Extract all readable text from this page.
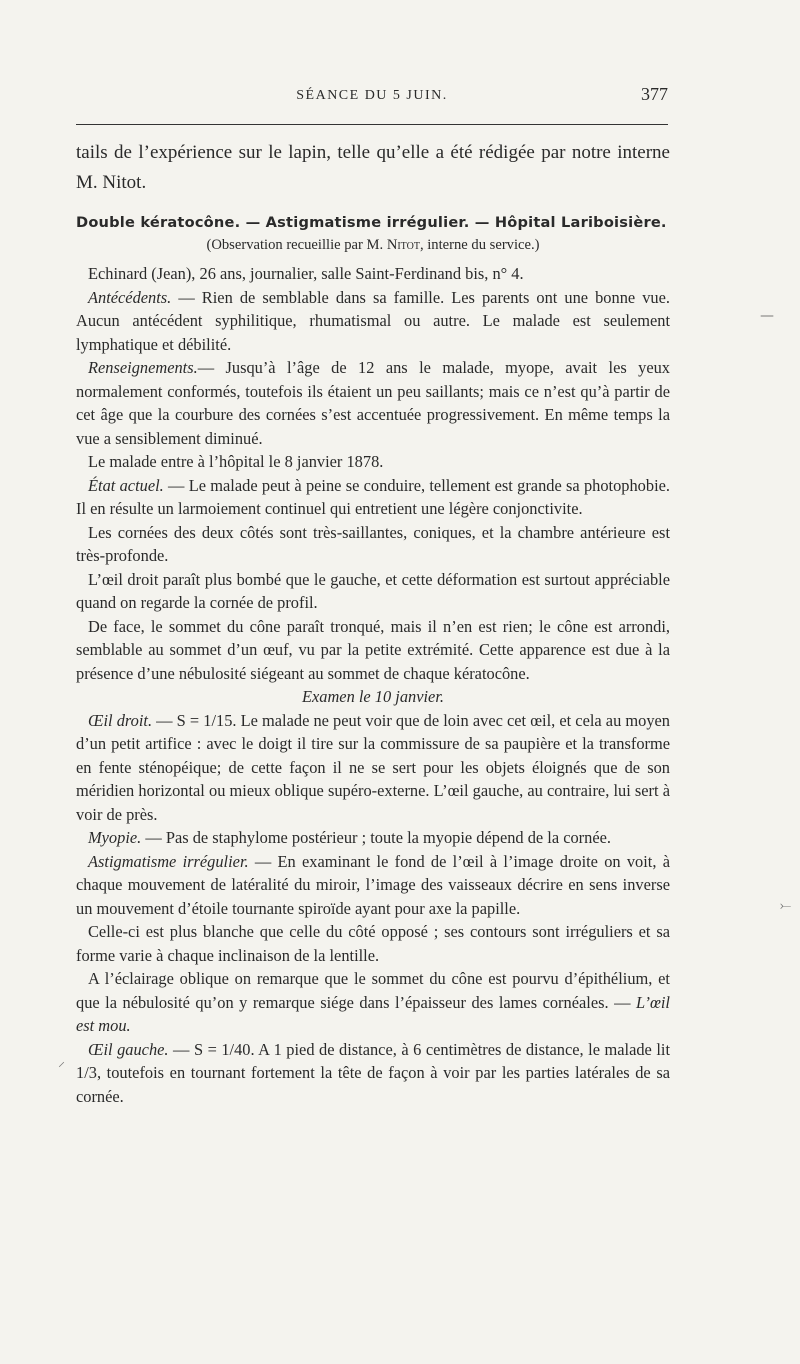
SÉANCE DU 5 JUIN.	377
—
⤚
⸝

tails de l’expérience sur le lapin, telle qu’elle a été rédigée par notre interne M. Nitot.

Double kératocône. — Astigmatisme irrégulier. — Hôpital Lariboisière.

(Observation recueillie par M. Nitot, interne du service.)

Echinard (Jean), 26 ans, journalier, salle Saint-Ferdinand bis, n° 4.

Antécédents. — Rien de semblable dans sa famille. Les parents ont une bonne vue. Aucun antécédent syphilitique, rhumatismal ou autre. Le malade est seulement lymphatique et débilité.

Renseignements.— Jusqu’à l’âge de 12 ans le malade, myope, avait les yeux normalement conformés, toutefois ils étaient un peu saillants; mais ce n’est qu’à partir de cet âge que la courbure des cornées s’est accentuée progressivement. En même temps la vue a sensiblement diminué.

Le malade entre à l’hôpital le 8 janvier 1878.

État actuel. — Le malade peut à peine se conduire, tellement est grande sa photophobie. Il en résulte un larmoiement continuel qui entretient une légère conjonctivite.

Les cornées des deux côtés sont très-saillantes, coniques, et la chambre antérieure est très-profonde.

L’œil droit paraît plus bombé que le gauche, et cette déformation est surtout appréciable quand on regarde la cornée de profil.

De face, le sommet du cône paraît tronqué, mais il n’en est rien; le cône est arrondi, semblable au sommet d’un œuf, vu par la petite extrémité. Cette apparence est due à la présence d’une nébulosité siégeant au sommet de chaque kératocône.

Examen le 10 janvier.

Œil droit. — S = 1/15. Le malade ne peut voir que de loin avec cet œil, et cela au moyen d’un petit artifice : avec le doigt il tire sur la commissure de sa paupière et la transforme en fente sténopéique; de cette façon il ne se sert pour les objets éloignés que de son méridien horizontal ou mieux oblique supéro-externe. L’œil gauche, au contraire, lui sert à voir de près.

Myopie. — Pas de staphylome postérieur ; toute la myopie dépend de la cornée.

Astigmatisme irrégulier. — En examinant le fond de l’œil à l’image droite on voit, à chaque mouvement de latéralité du miroir, l’image des vaisseaux décrire en sens inverse un mouvement d’étoile tournante spiroïde ayant pour axe la papille.

Celle-ci est plus blanche que celle du côté opposé ; ses contours sont irréguliers et sa forme varie à chaque inclinaison de la lentille.

A l’éclairage oblique on remarque que le sommet du cône est pourvu d’épithélium, et que la nébulosité qu’on y remarque siége dans l’épaisseur des lames cornéales. — L’œil est mou.

Œil gauche. — S = 1/40. A 1 pied de distance, à 6 centimètres de distance, le malade lit 1/3, toutefois en tournant fortement la tête de façon à voir par les parties latérales de sa cornée.
